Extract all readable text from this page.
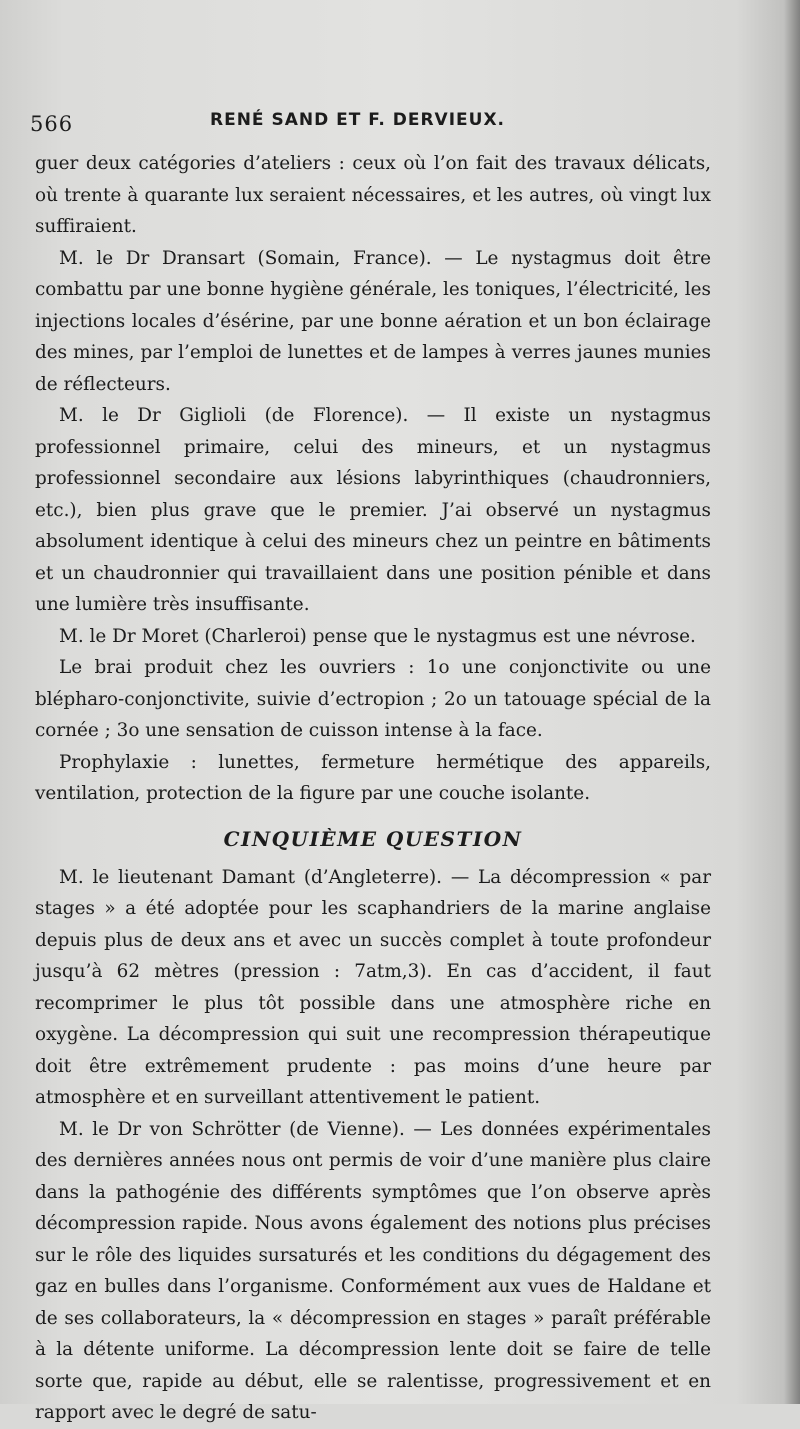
566	RENÉ SAND ET F. DERVIEUX.

guer deux catégories d’ateliers : ceux où l’on fait des travaux délicats, où trente à quarante lux seraient nécessaires, et les autres, où vingt lux suffiraient.

M. le Dr Dransart (Somain, France). — Le nystagmus doit être combattu par une bonne hygiène générale, les toniques, l’électricité, les injections locales d’ésérine, par une bonne aération et un bon éclairage des mines, par l’emploi de lunettes et de lampes à verres jaunes munies de réflecteurs.

M. le Dr Giglioli (de Florence). — Il existe un nystagmus professionnel primaire, celui des mineurs, et un nystagmus professionnel secondaire aux lésions labyrinthiques (chaudronniers, etc.), bien plus grave que le premier. J’ai observé un nystagmus absolument identique à celui des mineurs chez un peintre en bâtiments et un chaudronnier qui travaillaient dans une position pénible et dans une lumière très insuffisante.

M. le Dr Moret (Charleroi) pense que le nystagmus est une névrose.

Le brai produit chez les ouvriers : 1o une conjonctivite ou une blépharo-conjonctivite, suivie d’ectropion ; 2o un tatouage spécial de la cornée ; 3o une sensation de cuisson intense à la face.

Prophylaxie : lunettes, fermeture hermétique des appareils, ventilation, protection de la figure par une couche isolante.

CINQUIÈME QUESTION

M. le lieutenant Damant (d’Angleterre). — La décompression « par stages » a été adoptée pour les scaphandriers de la marine anglaise depuis plus de deux ans et avec un succès complet à toute profondeur jusqu’à 62 mètres (pression : 7atm,3). En cas d’accident, il faut recomprimer le plus tôt possible dans une atmosphère riche en oxygène. La décompression qui suit une recompression thérapeutique doit être extrêmement prudente : pas moins d’une heure par atmosphère et en surveillant attentivement le patient.

M. le Dr von Schrötter (de Vienne). — Les données expérimentales des dernières années nous ont permis de voir d’une manière plus claire dans la pathogénie des différents symptômes que l’on observe après décompression rapide. Nous avons également des notions plus précises sur le rôle des liquides sursaturés et les conditions du dégagement des gaz en bulles dans l’organisme. Conformément aux vues de Haldane et de ses collaborateurs, la « décompression en stages » paraît préférable à la détente uniforme. La décompression lente doit se faire de telle sorte que, rapide au début, elle se ralentisse, progressivement et en rapport avec le degré de satu-
